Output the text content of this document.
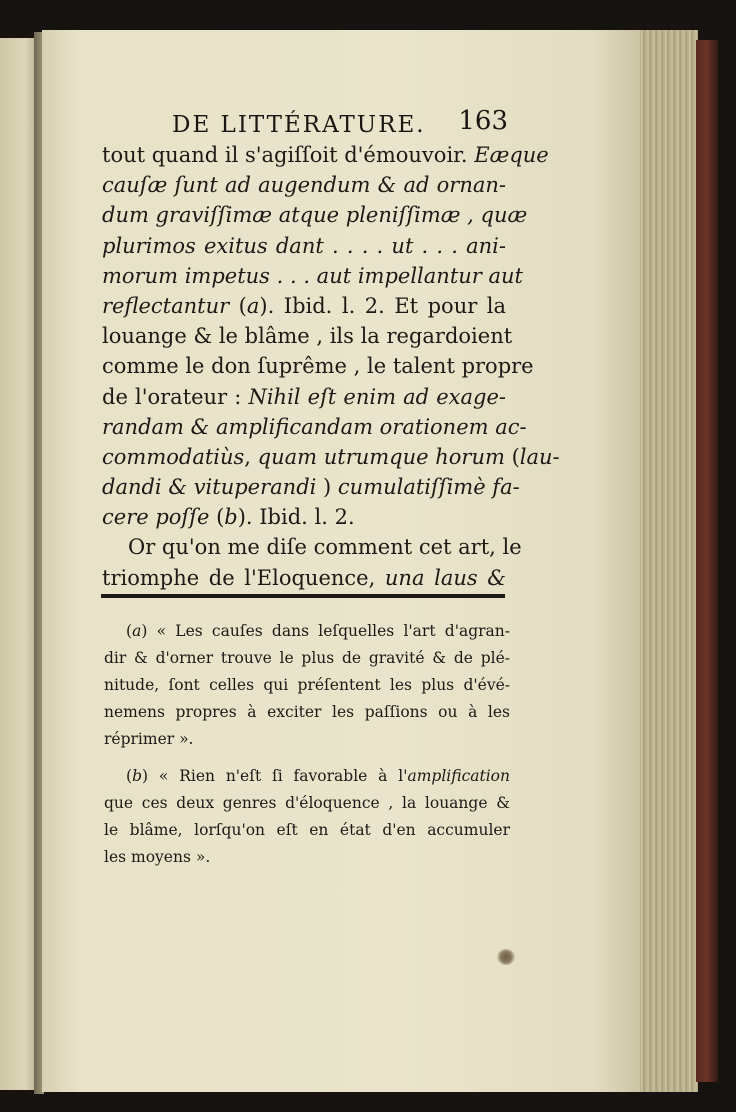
DE LITTÉRATURE. 163
tout quand il s'agiſſoit d'émouvoir. Eæque
cauſæ ſunt ad augendum & ad ornan-
dum graviſſimæ atque pleniſſimæ , quæ
plurimos exitus dant . . . . ut . . . ani-
morum impetus . . . aut impellantur aut
reflectantur (a). Ibid. l. 2. Et pour la
louange & le blâme , ils la regardoient
comme le don ſuprême , le talent propre
de l'orateur : Nihil eſt enim ad exage-
randam & amplificandam orationem ac-
commodatiùs, quam utrumque horum (lau-
dandi & vituperandi ) cumulatiſſimè fa-
cere poſſe (b). Ibid. l. 2.
Or qu'on me diſe comment cet art, le
triomphe de l'Eloquence, una laus &
(a) « Les cauſes dans leſquelles l'art d'agran-
dir & d'orner trouve le plus de gravité & de plé-
nitude, ſont celles qui préſentent les plus d'évé-
nemens propres à exciter les paſſions ou à les
réprimer ».
(b) « Rien n'eſt ſi favorable à l'amplification
que ces deux genres d'éloquence , la louange &
le blâme, lorſqu'on eſt en état d'en accumuler
les moyens ».
